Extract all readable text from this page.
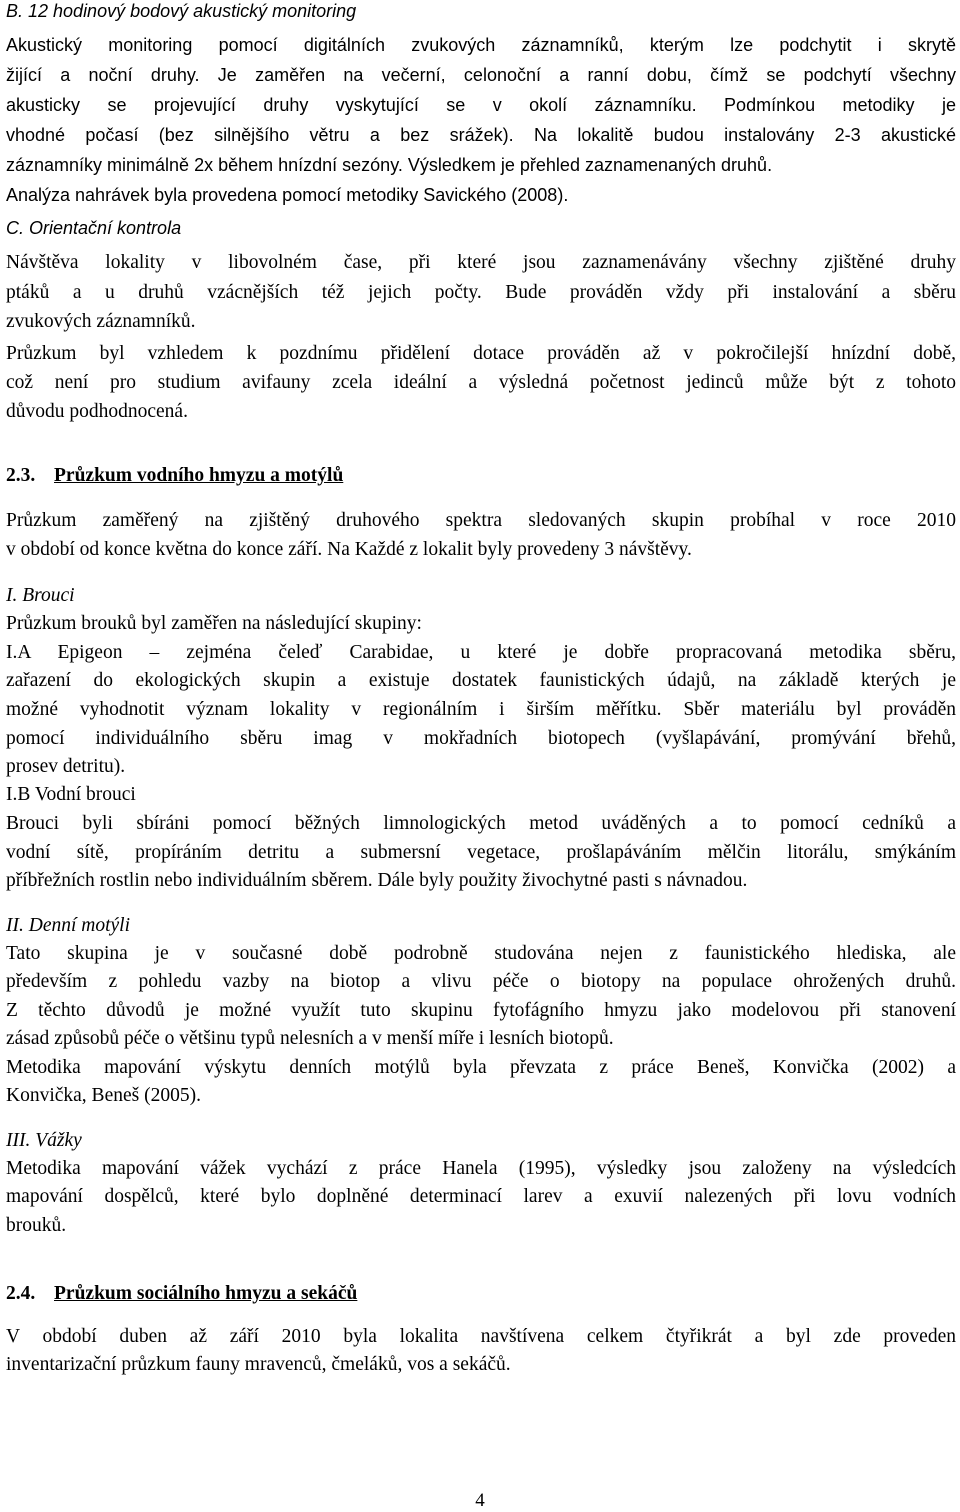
B. 12 hodinový bodový akustický monitoring
Akustický monitoring pomocí digitálních zvukových záznamníků, kterým lze podchytit i skrytě
žijící a noční druhy. Je zaměřen na večerní, celonoční a ranní dobu, čímž se podchytí všechny
akusticky se projevující druhy vyskytující se v okolí záznamníku. Podmínkou metodiky je
vhodné počasí (bez silnějšího větru a bez srážek). Na lokalitě budou instalovány 2-3 akustické
záznamníky minimálně 2x během hnízdní sezóny. Výsledkem je přehled zaznamenaných druhů.
Analýza nahrávek byla provedena pomocí metodiky Savického (2008).
C. Orientační kontrola
Návštěva lokality v libovolném čase, při které jsou zaznamenávány všechny zjištěné druhy
ptáků a u druhů vzácnějších též jejich počty. Bude prováděn vždy při instalování a sběru
zvukových záznamníků.
Průzkum byl vzhledem k pozdnímu přidělení dotace prováděn až v pokročilejší hnízdní době,
což není pro studium avifauny zcela ideální a výsledná početnost jedinců může být z tohoto
důvodu podhodnocená.
2.3. Průzkum vodního hmyzu a motýlů
Průzkum zaměřený na zjištěný druhového spektra sledovaných skupin probíhal v roce 2010
v období od konce května do konce září. Na Každé z lokalit byly provedeny 3 návštěvy.
I. Brouci
Průzkum brouků byl zaměřen na následující skupiny:
I.A Epigeon – zejména čeleď Carabidae, u které je dobře propracovaná metodika sběru,
zařazení do ekologických skupin a existuje dostatek faunistických údajů, na základě kterých je
možné vyhodnotit význam lokality v regionálním i širším měřítku. Sběr materiálu byl prováděn
pomocí individuálního sběru imag v mokřadních biotopech (vyšlapávání, promývání břehů,
prosev detritu).
I.B Vodní brouci
Brouci byli sbíráni pomocí běžných limnologických metod uváděných a to pomocí cedníků a
vodní sítě, propíráním detritu a submersní vegetace, prošlapáváním mělčin litorálu, smýkáním
příbřežních rostlin nebo individuálním sběrem. Dále byly použity živochytné pasti s návnadou.
II. Denní motýli
Tato skupina je v současné době podrobně studována nejen z faunistického hlediska, ale
především z pohledu vazby na biotop a vlivu péče o biotopy na populace ohrožených druhů.
Z těchto důvodů je možné využít tuto skupinu fytofágního hmyzu jako modelovou při stanovení
zásad způsobů péče o většinu typů nelesních a v menší míře i lesních biotopů.
Metodika mapování výskytu denních motýlů byla převzata z práce Beneš, Konvička (2002) a
Konvička, Beneš (2005).
III. Vážky
Metodika mapování vážek vychází z práce Hanela (1995), výsledky jsou založeny na výsledcích
mapování dospělců, které bylo doplněné determinací larev a exuvií nalezených při lovu vodních
brouků.
2.4. Průzkum sociálního hmyzu a sekáčů
V období duben až září 2010 byla lokalita navštívena celkem čtyřikrát a byl zde proveden
inventarizační průzkum fauny mravenců, čmeláků, vos a sekáčů.
4
